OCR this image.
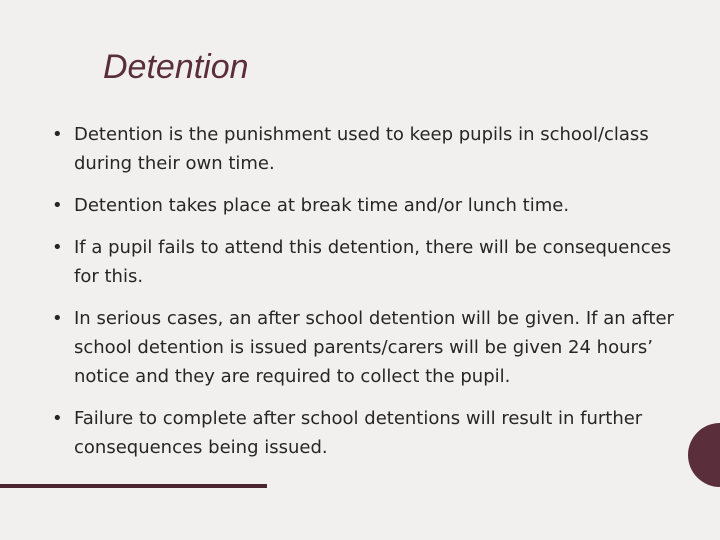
Detention
• Detention is the punishment used to keep pupils in school/class during their own time.
• Detention takes place at break time and/or lunch time.
• If a pupil fails to attend this detention, there will be consequences for this.
• In serious cases, an after school detention will be given. If an after school detention is issued parents/carers will be given 24 hours’ notice and they are required to collect the pupil.
• Failure to complete after school detentions will result in further consequences being issued.
